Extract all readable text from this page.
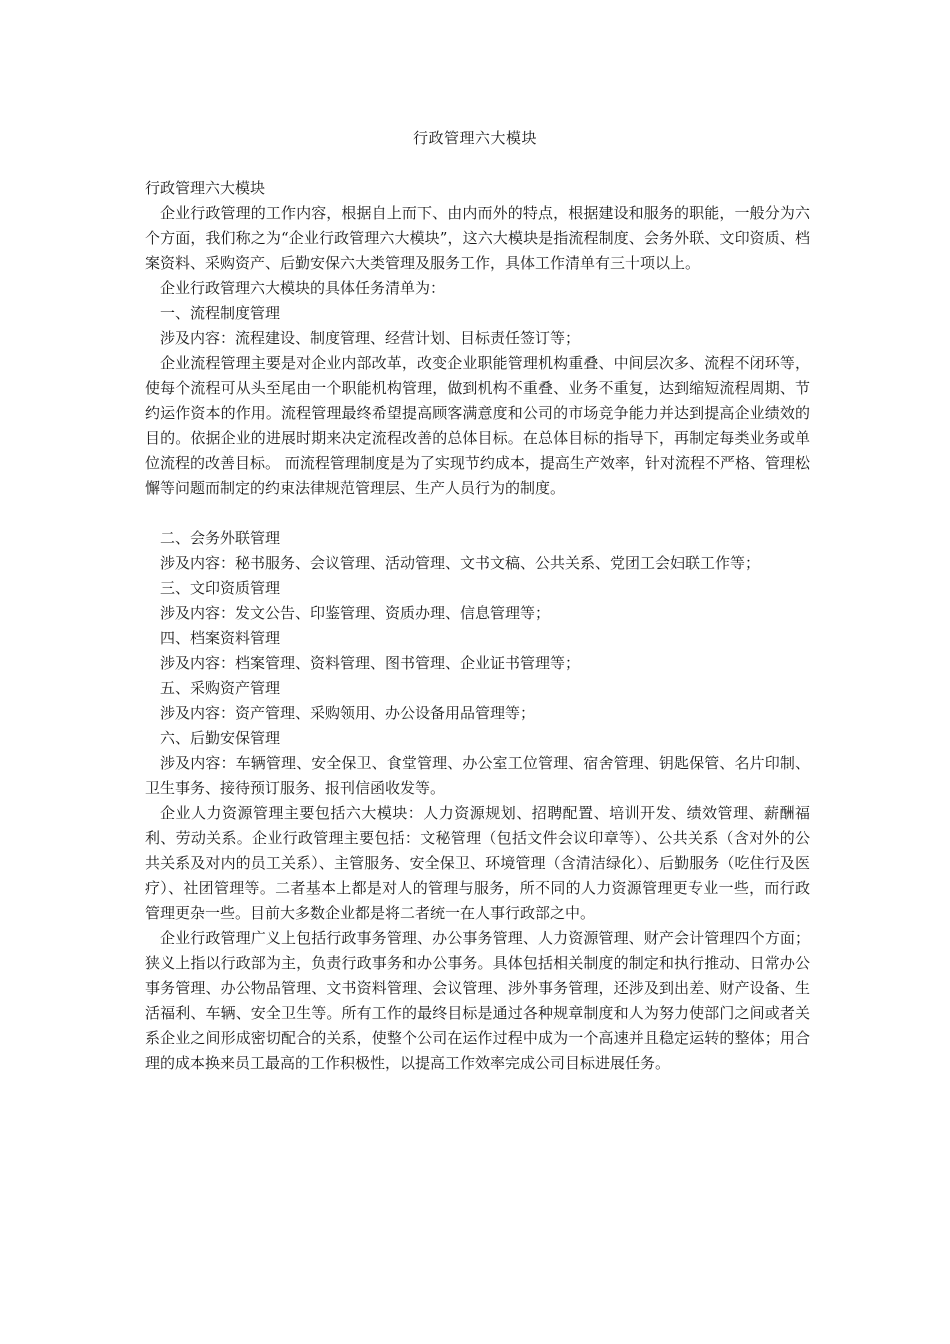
行政管理六大模块

行政管理六大模块

企业行政管理的工作内容，根据自上而下、由内而外的特点，根据建设和服务的职能，一般分为六个方面，我们称之为“企业行政管理六大模块”，这六大模块是指流程制度、会务外联、文印资质、档案资料、采购资产、后勤安保六大类管理及服务工作，具体工作清单有三十项以上。

企业行政管理六大模块的具体任务清单为：

一、流程制度管理

涉及内容：流程建设、制度管理、经营计划、目标责任签订等；

企业流程管理主要是对企业内部改革，改变企业职能管理机构重叠、中间层次多、流程不闭环等，使每个流程可从头至尾由一个职能机构管理，做到机构不重叠、业务不重复，达到缩短流程周期、节约运作资本的作用。流程管理最终希望提高顾客满意度和公司的市场竞争能力并达到提高企业绩效的目的。依据企业的进展时期来决定流程改善的总体目标。在总体目标的指导下，再制定每类业务或单位流程的改善目标。 而流程管理制度是为了实现节约成本，提高生产效率，针对流程不严格、管理松懈等问题而制定的约束法律规范管理层、生产人员行为的制度。

二、会务外联管理

涉及内容：秘书服务、会议管理、活动管理、文书文稿、公共关系、党团工会妇联工作等；

三、文印资质管理

涉及内容：发文公告、印鉴管理、资质办理、信息管理等；

四、档案资料管理

涉及内容：档案管理、资料管理、图书管理、企业证书管理等；

五、采购资产管理

涉及内容：资产管理、采购领用、办公设备用品管理等；

六、后勤安保管理

涉及内容：车辆管理、安全保卫、食堂管理、办公室工位管理、宿舍管理、钥匙保管、名片印制、卫生事务、接待预订服务、报刊信函收发等。

企业人力资源管理主要包括六大模块：人力资源规划、招聘配置、培训开发、绩效管理、薪酬福利、劳动关系。企业行政管理主要包括：文秘管理（包括文件会议印章等）、公共关系（含对外的公共关系及对内的员工关系）、主管服务、安全保卫、环境管理（含清洁绿化）、后勤服务（吃住行及医疗）、社团管理等。二者基本上都是对人的管理与服务，所不同的人力资源管理更专业一些，而行政管理更杂一些。目前大多数企业都是将二者统一在人事行政部之中。

企业行政管理广义上包括行政事务管理、办公事务管理、人力资源管理、财产会计管理四个方面；狭义上指以行政部为主，负责行政事务和办公事务。具体包括相关制度的制定和执行推动、日常办公事务管理、办公物品管理、文书资料管理、会议管理、涉外事务管理，还涉及到出差、财产设备、生活福利、车辆、安全卫生等。所有工作的最终目标是通过各种规章制度和人为努力使部门之间或者关系企业之间形成密切配合的关系，使整个公司在运作过程中成为一个高速并且稳定运转的整体；用合理的成本换来员工最高的工作积极性，以提高工作效率完成公司目标进展任务。
